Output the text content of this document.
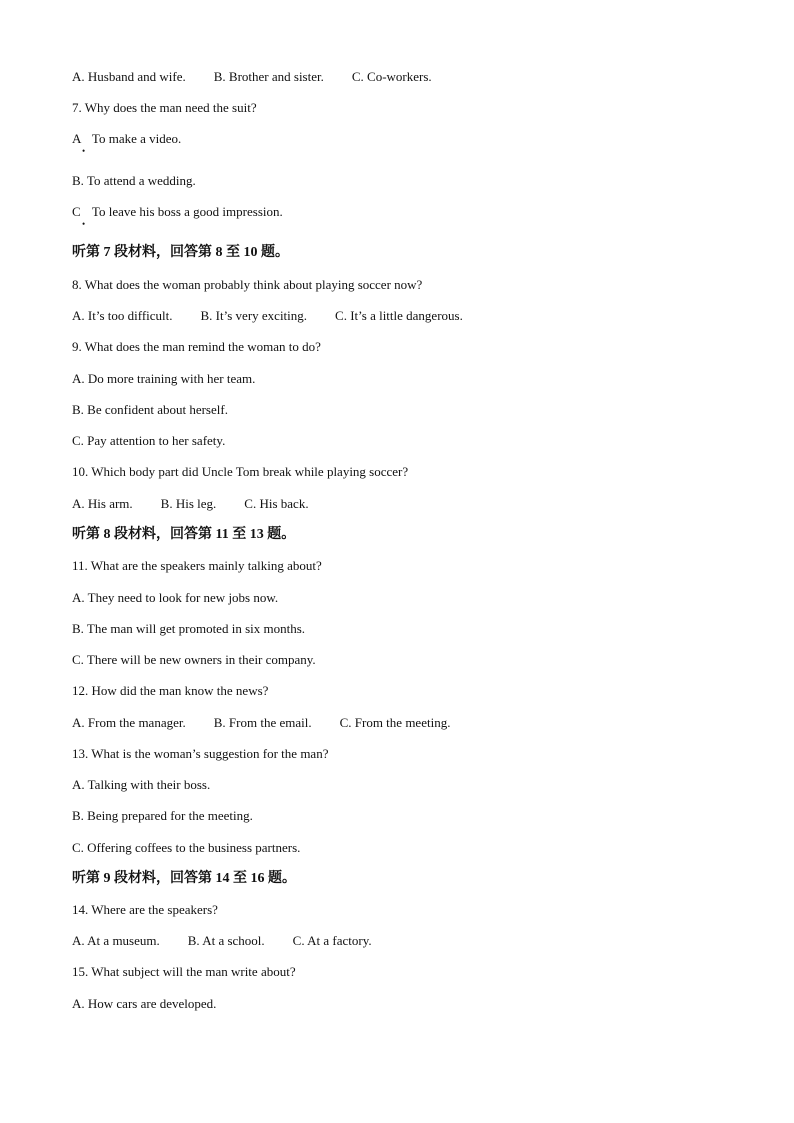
A. Husband and wife. B. Brother and sister. C. Co-workers.
7. Why does the man need the suit?
A
•
To make a video.
B. To attend a wedding.
C
•
To leave his boss a good impression.
听第 7 段材料，回答第 8 至 10 题。
8. What does the woman probably think about playing soccer now?
A. It’s too difficult. B. It’s very exciting. C. It’s a little dangerous.
9. What does the man remind the woman to do?
A. Do more training with her team.
B. Be confident about herself.
C. Pay attention to her safety.
10. Which body part did Uncle Tom break while playing soccer?
A. His arm. B. His leg. C. His back.
听第 8 段材料，回答第 11 至 13 题。
11. What are the speakers mainly talking about?
A. They need to look for new jobs now.
B. The man will get promoted in six months.
C. There will be new owners in their company.
12. How did the man know the news?
A. From the manager. B. From the email. C. From the meeting.
13. What is the woman’s suggestion for the man?
A. Talking with their boss.
B. Being prepared for the meeting.
C. Offering coffees to the business partners.
听第 9 段材料，回答第 14 至 16 题。
14. Where are the speakers?
A. At a museum. B. At a school. C. At a factory.
15. What subject will the man write about?
A. How cars are developed.
